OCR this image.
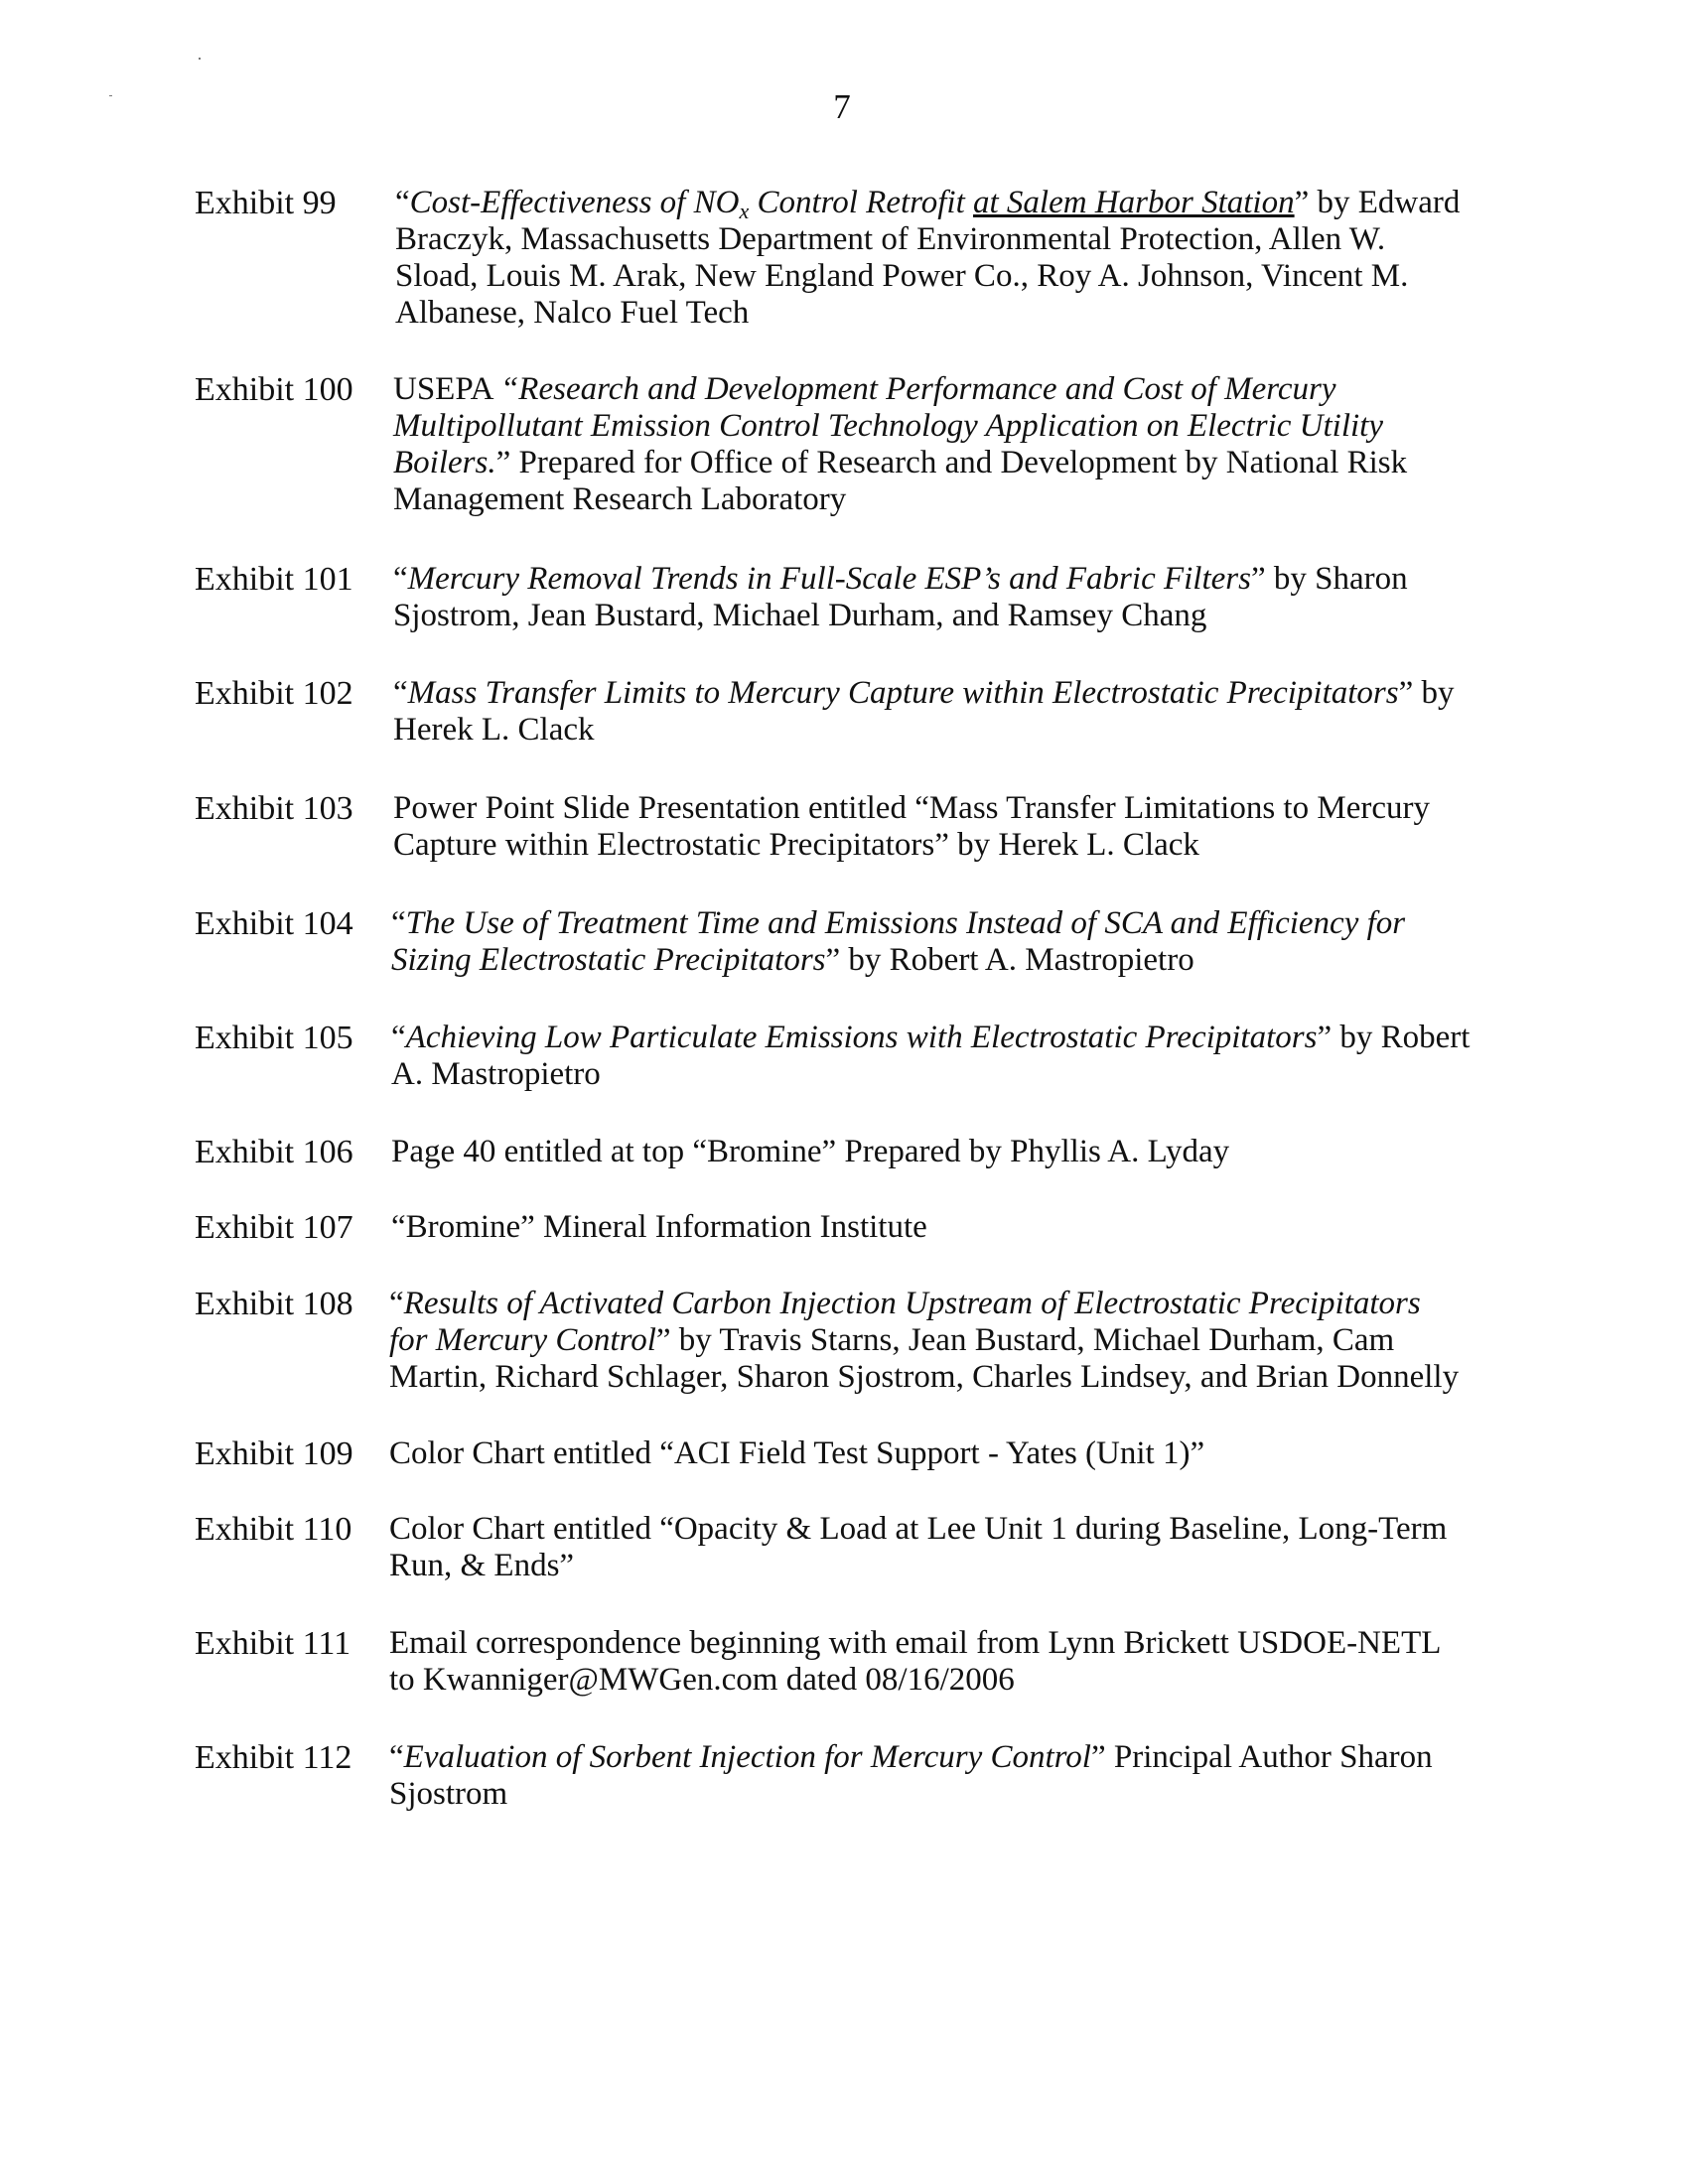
7
Exhibit 99 “Cost-Effectiveness of $NO_x$ Control Retrofit at Salem Harbor Station” by Edward
Braczyk, Massachusetts Department of Environmental Protection, Allen W.
Sload, Louis M. Arak, New England Power Co., Roy A. Johnson, Vincent M.
Albanese, Nalco Fuel Tech
Exhibit 100 USEPA “Research and Development Performance and Cost of Mercury
Multipollutant Emission Control Technology Application on Electric Utility
Boilers.” Prepared for Office of Research and Development by National Risk
Management Research Laboratory
Exhibit 101 “Mercury Removal Trends in Full-Scale ESP’s and Fabric Filters” by Sharon
Sjostrom, Jean Bustard, Michael Durham, and Ramsey Chang
Exhibit 102 “Mass Transfer Limits to Mercury Capture within Electrostatic Precipitators” by
Herek L. Clack
Exhibit 103 Power Point Slide Presentation entitled “Mass Transfer Limitations to Mercury
Capture within Electrostatic Precipitators” by Herek L. Clack
Exhibit 104 “The Use of Treatment Time and Emissions Instead of SCA and Efficiency for
Sizing Electrostatic Precipitators” by Robert A. Mastropietro
Exhibit 105 “Achieving Low Particulate Emissions with Electrostatic Precipitators” by Robert
A. Mastropietro
Exhibit 106 Page 40 entitled at top “Bromine” Prepared by Phyllis A. Lyday
Exhibit 107 “Bromine” Mineral Information Institute
Exhibit 108 “Results of Activated Carbon Injection Upstream of Electrostatic Precipitators
for Mercury Control” by Travis Starns, Jean Bustard, Michael Durham, Cam
Martin, Richard Schlager, Sharon Sjostrom, Charles Lindsey, and Brian Donnelly
Exhibit 109 Color Chart entitled “ACI Field Test Support - Yates (Unit 1)”
Exhibit 110 Color Chart entitled “Opacity & Load at Lee Unit 1 during Baseline, Long-Term
Run, & Ends”
Exhibit 111 Email correspondence beginning with email from Lynn Brickett USDOE-NETL
to Kwanniger@MWGen.com dated 08/16/2006
Exhibit 112 “Evaluation of Sorbent Injection for Mercury Control” Principal Author Sharon
Sjostrom
